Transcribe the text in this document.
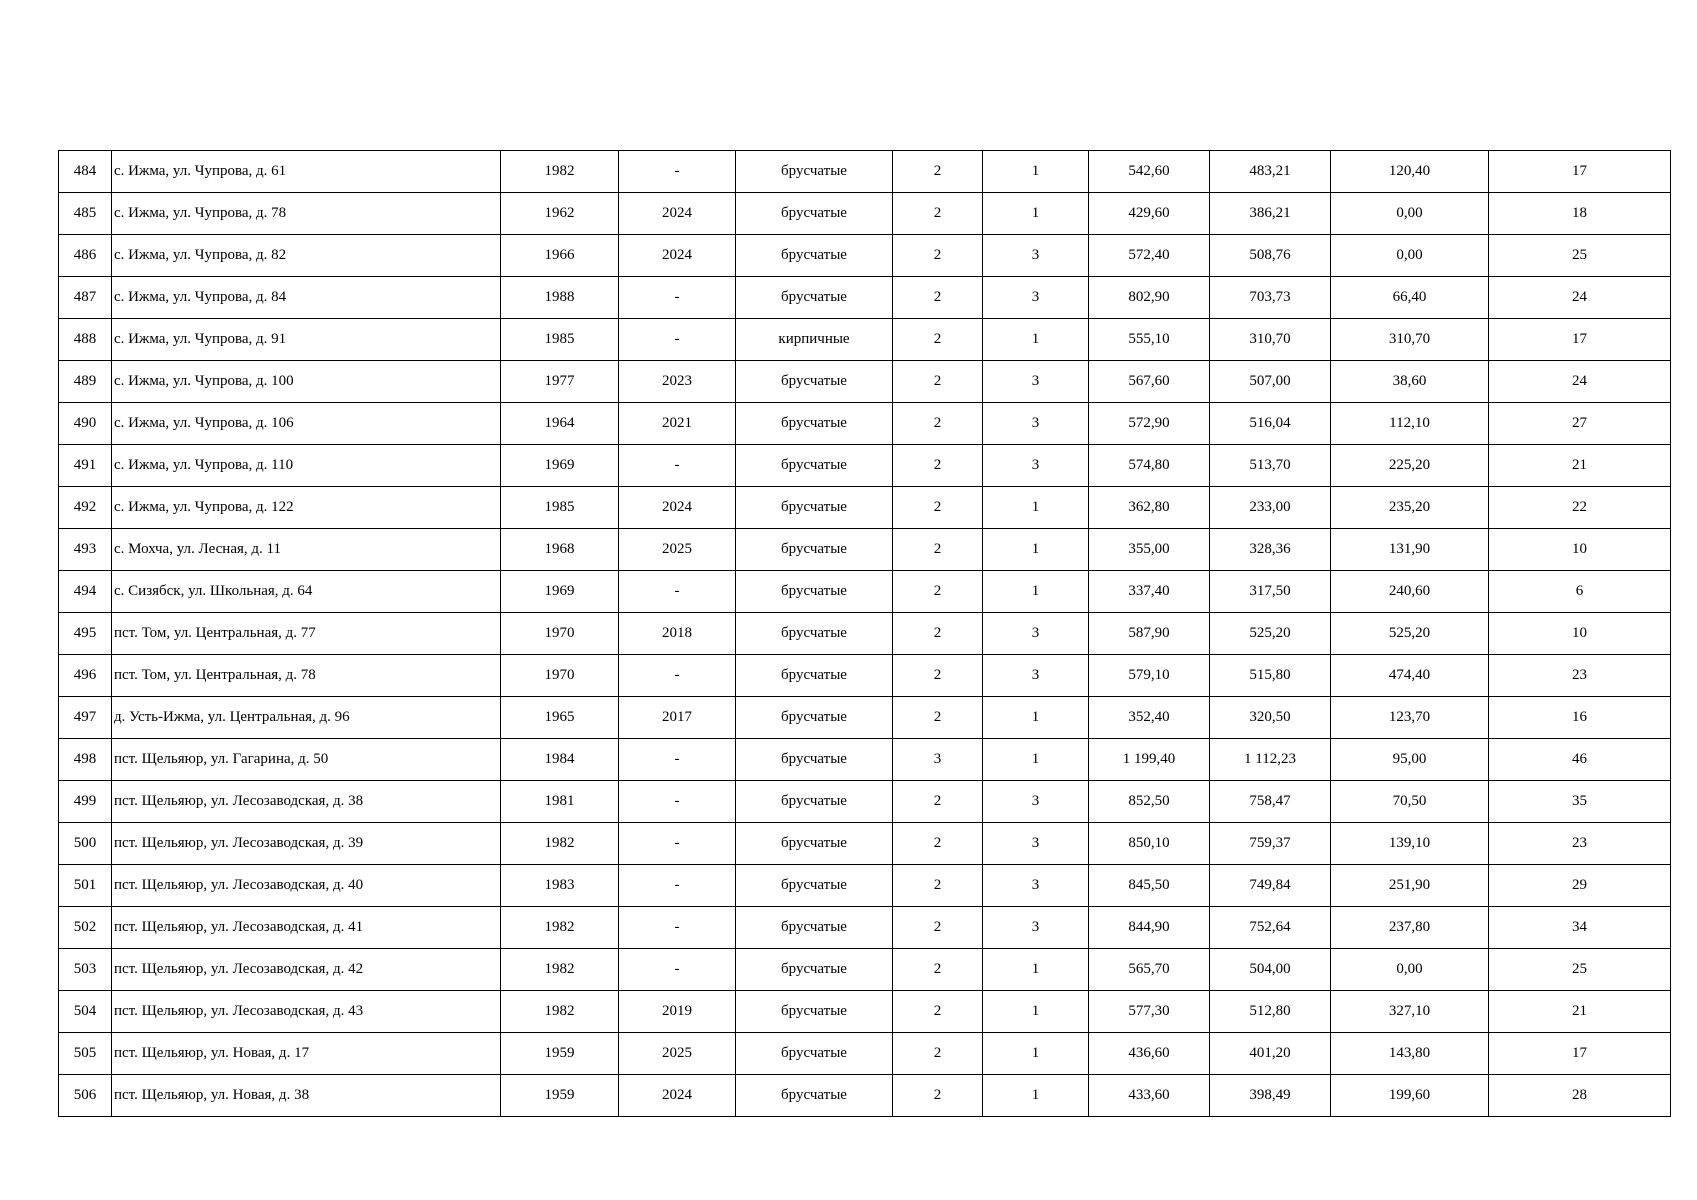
484	с. Ижма, ул. Чупрова, д. 61	1982	-	брусчатые	2	1	542,60	483,21	120,40	17
485	с. Ижма, ул. Чупрова, д. 78	1962	2024	брусчатые	2	1	429,60	386,21	0,00	18
486	с. Ижма, ул. Чупрова, д. 82	1966	2024	брусчатые	2	3	572,40	508,76	0,00	25
487	с. Ижма, ул. Чупрова, д. 84	1988	-	брусчатые	2	3	802,90	703,73	66,40	24
488	с. Ижма, ул. Чупрова, д. 91	1985	-	кирпичные	2	1	555,10	310,70	310,70	17
489	с. Ижма, ул. Чупрова, д. 100	1977	2023	брусчатые	2	3	567,60	507,00	38,60	24
490	с. Ижма, ул. Чупрова, д. 106	1964	2021	брусчатые	2	3	572,90	516,04	112,10	27
491	с. Ижма, ул. Чупрова, д. 110	1969	-	брусчатые	2	3	574,80	513,70	225,20	21
492	с. Ижма, ул. Чупрова, д. 122	1985	2024	брусчатые	2	1	362,80	233,00	235,20	22
493	с. Мохча, ул. Лесная, д. 11	1968	2025	брусчатые	2	1	355,00	328,36	131,90	10
494	с. Сизябск, ул. Школьная, д. 64	1969	-	брусчатые	2	1	337,40	317,50	240,60	6
495	пст. Том, ул. Центральная, д. 77	1970	2018	брусчатые	2	3	587,90	525,20	525,20	10
496	пст. Том, ул. Центральная, д. 78	1970	-	брусчатые	2	3	579,10	515,80	474,40	23
497	д. Усть-Ижма, ул. Центральная, д. 96	1965	2017	брусчатые	2	1	352,40	320,50	123,70	16
498	пст. Щельяюр, ул. Гагарина, д. 50	1984	-	брусчатые	3	1	1 199,40	1 112,23	95,00	46
499	пст. Щельяюр, ул. Лесозаводская, д. 38	1981	-	брусчатые	2	3	852,50	758,47	70,50	35
500	пст. Щельяюр, ул. Лесозаводская, д. 39	1982	-	брусчатые	2	3	850,10	759,37	139,10	23
501	пст. Щельяюр, ул. Лесозаводская, д. 40	1983	-	брусчатые	2	3	845,50	749,84	251,90	29
502	пст. Щельяюр, ул. Лесозаводская, д. 41	1982	-	брусчатые	2	3	844,90	752,64	237,80	34
503	пст. Щельяюр, ул. Лесозаводская, д. 42	1982	-	брусчатые	2	1	565,70	504,00	0,00	25
504	пст. Щельяюр, ул. Лесозаводская, д. 43	1982	2019	брусчатые	2	1	577,30	512,80	327,10	21
505	пст. Щельяюр, ул. Новая, д. 17	1959	2025	брусчатые	2	1	436,60	401,20	143,80	17
506	пст. Щельяюр, ул. Новая, д. 38	1959	2024	брусчатые	2	1	433,60	398,49	199,60	28
